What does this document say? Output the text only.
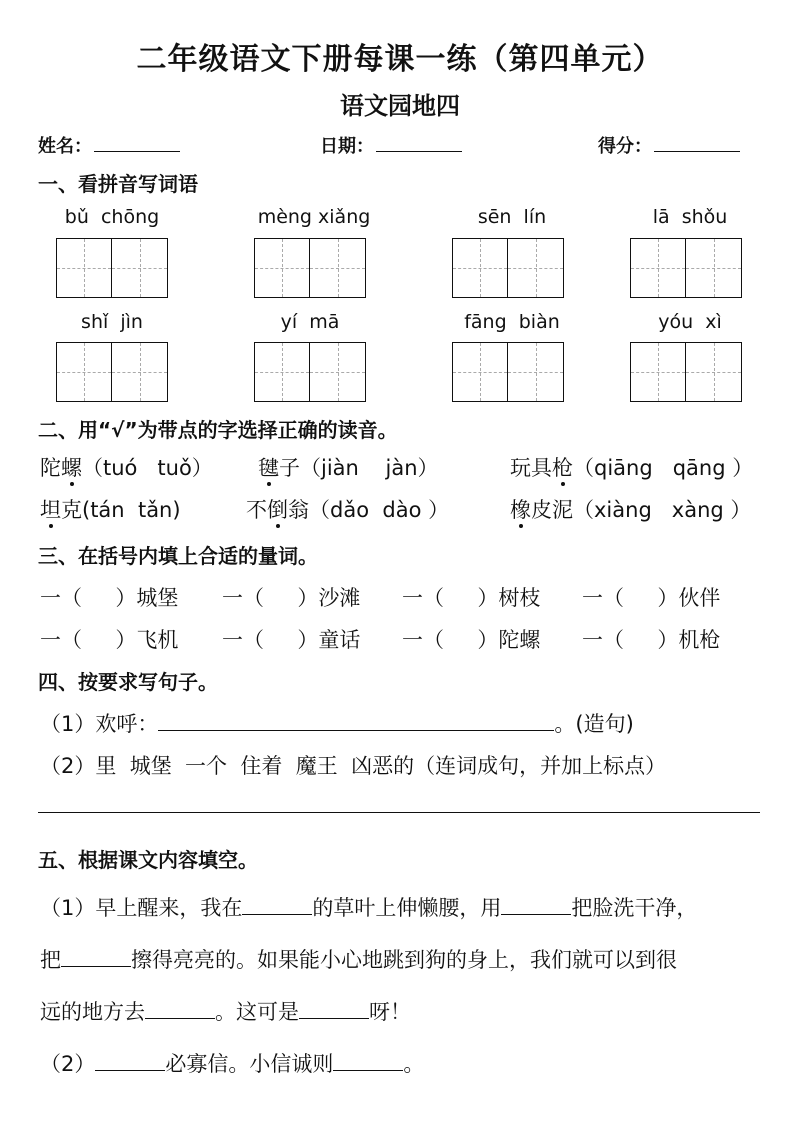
二年级语文下册每课一练（第四单元）
语文园地四
姓名：	日期：	得分：
一、看拼音写词语
bǔ  chōng	mèng xiǎng	sēn  lín	lā  shǒu
shǐ  jìn	yí  mā	fāng  biàn	yóu  xì
二、用“√”为带点的字选择正确的读音。
陀螺（tuó   tuǒ） 毽子（jiàn    jàn）	玩具枪（qiāng   qāng ）
坦克(tán  tǎn)	不倒翁（dǎo  dào ）	橡皮泥（xiàng   xàng ）
三、在括号内填上合适的量词。
一（     ）城堡 一（     ）沙滩 一（     ）树枝 一（     ）伙伴
一（     ）飞机 一（     ）童话 一（     ）陀螺 一（     ）机枪
四、按要求写句子。
（1）欢呼：	。(造句)
（2）里  城堡  一个  住着  魔王  凶恶的（连词成句，并加上标点）
五、根据课文内容填空。
（1）早上醒来，我在	的草叶上伸懒腰，用	把脸洗干净，
把	擦得亮亮的。如果能小心地跳到狗的身上，我们就可以到很
远的地方去	。这可是	呀！
（2）	必寡信。小信诚则	。
